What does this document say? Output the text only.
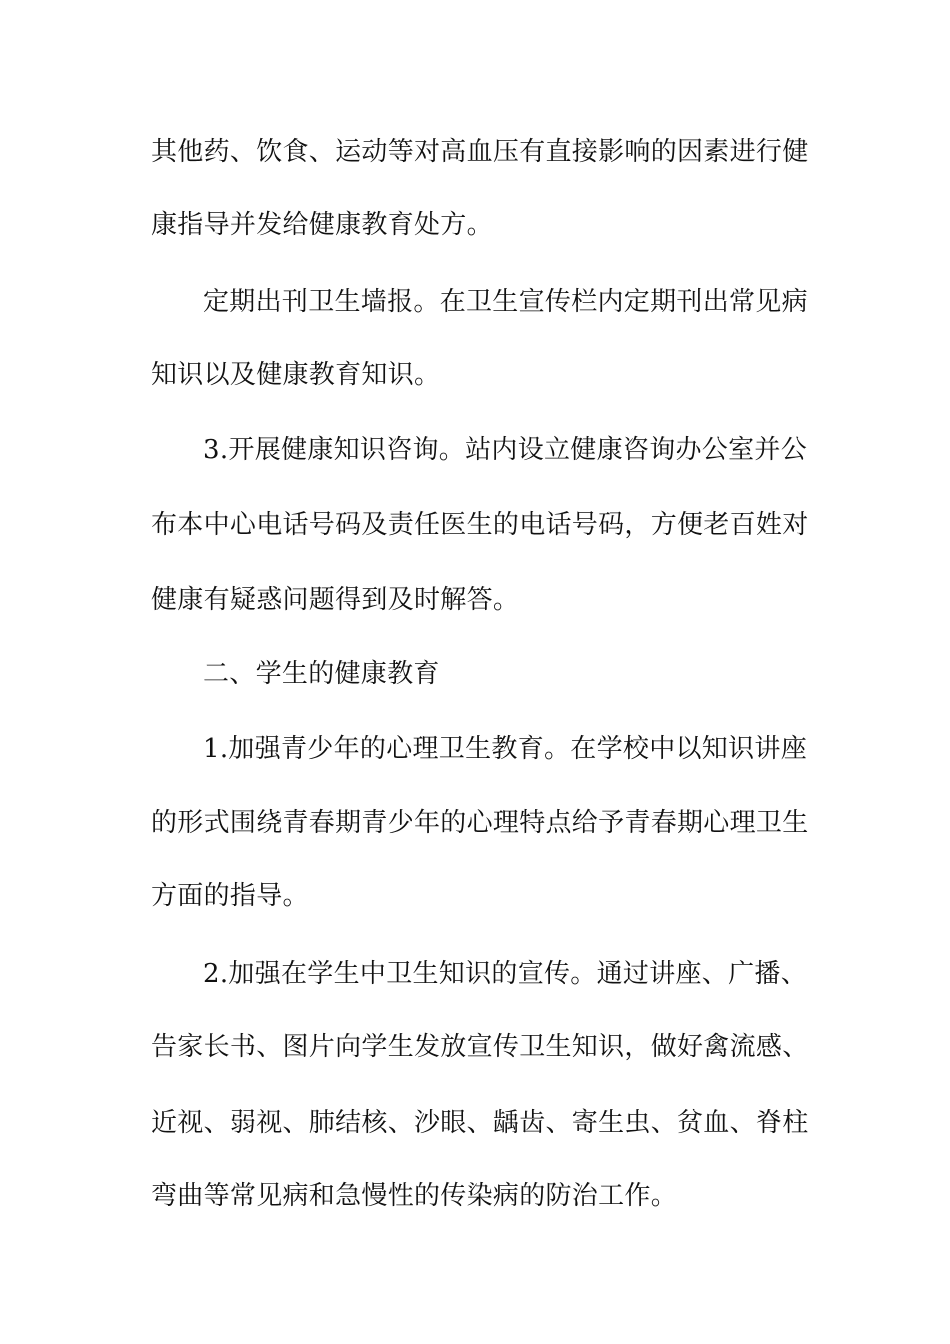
其他药、饮食、运动等对高血压有直接影响的因素进行健
康指导并发给健康教育处方。
定期出刊卫生墙报。在卫生宣传栏内定期刊出常见病
知识以及健康教育知识。
3.开展健康知识咨询。站内设立健康咨询办公室并公
布本中心电话号码及责任医生的电话号码，方便老百姓对
健康有疑惑问题得到及时解答。
二、学生的健康教育
1.加强青少年的心理卫生教育。在学校中以知识讲座
的形式围绕青春期青少年的心理特点给予青春期心理卫生
方面的指导。
2.加强在学生中卫生知识的宣传。通过讲座、广播、
告家长书、图片向学生发放宣传卫生知识，做好禽流感、
近视、弱视、肺结核、沙眼、龋齿、寄生虫、贫血、脊柱
弯曲等常见病和急慢性的传染病的防治工作。
